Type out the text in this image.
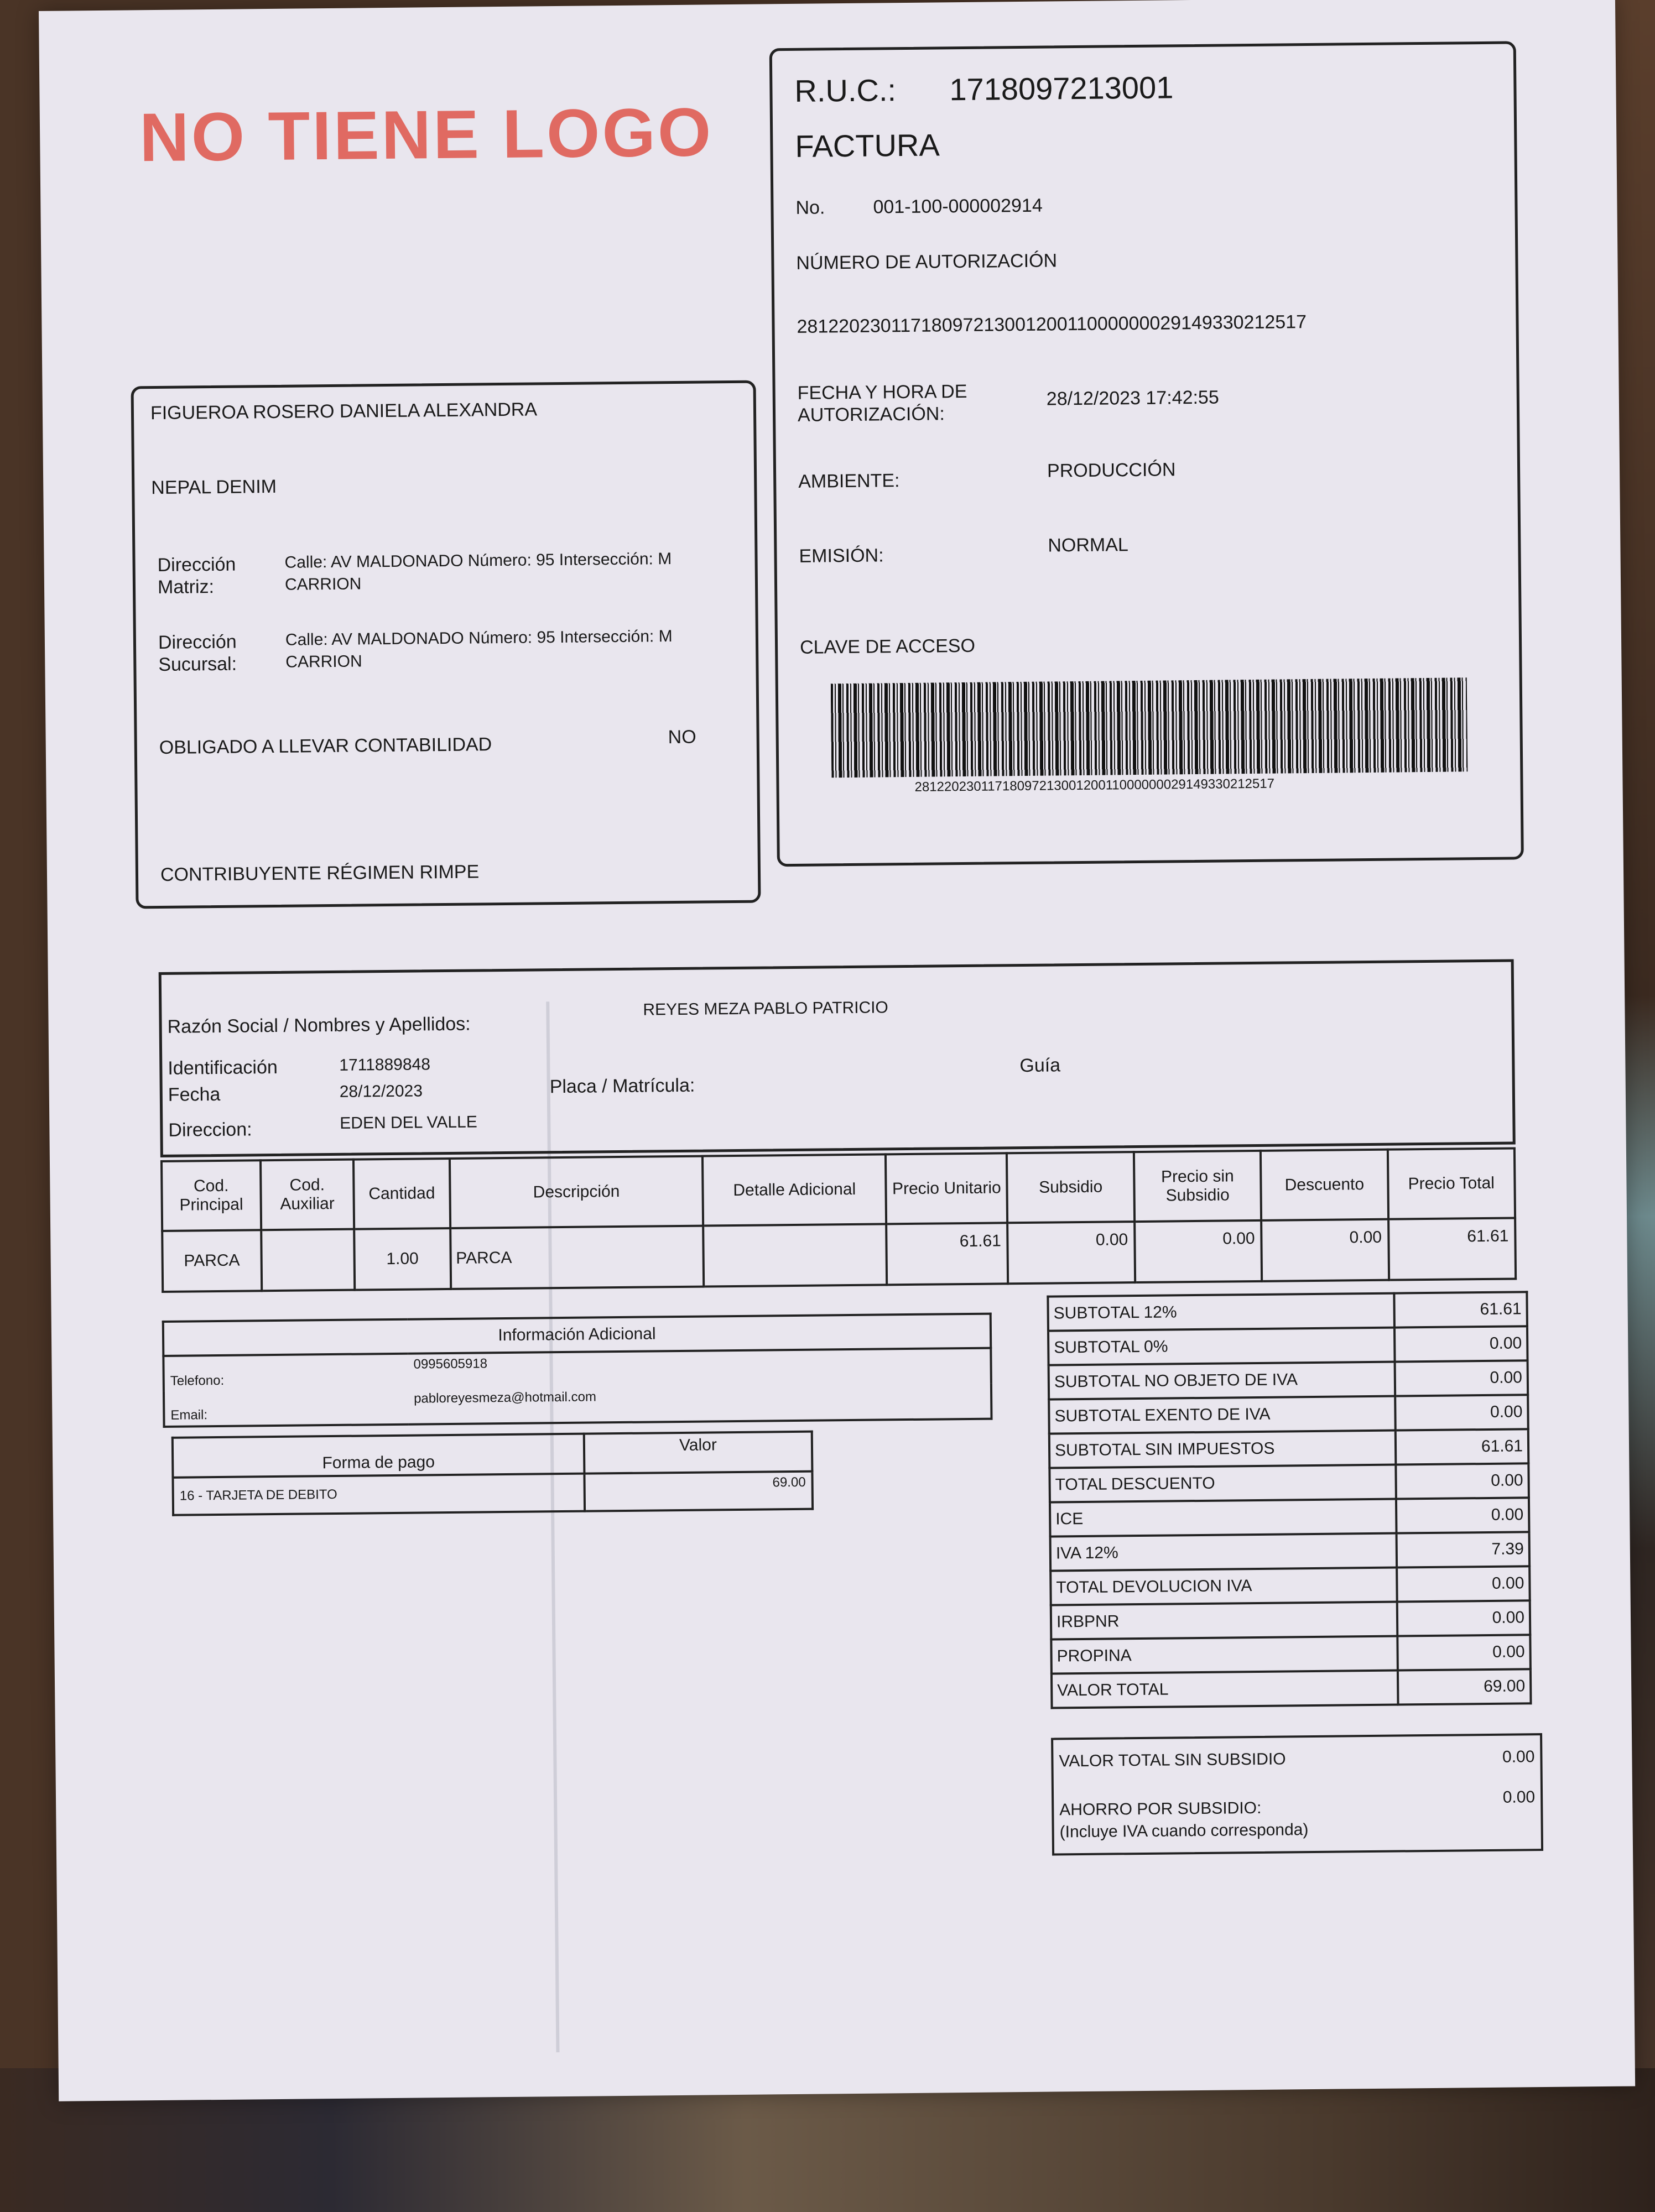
NO TIENE LOGO
R.U.C.: 1718097213001
FACTURA
No.	001-100-000002914
NÚMERO DE AUTORIZACIÓN
2812202301171809721300120011000000029149330212517
FECHA Y HORA DE
AUTORIZACIÓN:
28/12/2023 17:42:55
AMBIENTE:	PRODUCCIÓN
EMISIÓN:	NORMAL
CLAVE DE ACCESO
2812202301171809721300120011000000029149330212517
FIGUEROA ROSERO DANIELA ALEXANDRA
NEPAL DENIM
Dirección
Matriz:
Calle: AV MALDONADO Número: 95 Intersección: M
CARRION
Dirección
Sucursal:
Calle: AV MALDONADO Número: 95 Intersección: M
CARRION
OBLIGADO A LLEVAR CONTABILIDAD	NO
CONTRIBUYENTE RÉGIMEN RIMPE
Razón Social / Nombres y Apellidos:
REYES MEZA PABLO PATRICIO
Identificación	1711889848
Fecha	28/12/2023	Placa / Matrícula:
Guía
Direccion:	EDEN DEL VALLE
Cod. Principal	Cod. Auxiliar	Cantidad	Descripción	Detalle Adicional	Precio Unitario	Subsidio	Precio sin Subsidio	Descuento	Precio Total
PARCA		1.00	PARCA		61.61	0.00	0.00	0.00	61.61
Información Adicional	
Telefono:	0995605918
Email:	pabloreyesmeza@hotmail.com
Forma de pago	Valor
16 - TARJETA DE DEBITO	69.00
SUBTOTAL 12%	61.61
SUBTOTAL 0%	0.00
SUBTOTAL NO OBJETO DE IVA	0.00
SUBTOTAL EXENTO DE IVA	0.00
SUBTOTAL SIN IMPUESTOS	61.61
TOTAL DESCUENTO	0.00
ICE	0.00
IVA 12%	7.39
TOTAL DEVOLUCION IVA	0.00
IRBPNR	0.00
PROPINA	0.00
VALOR TOTAL	69.00
VALOR TOTAL SIN SUBSIDIO	0.00
AHORRO POR SUBSIDIO:
0.00
(Incluye IVA cuando corresponda)
